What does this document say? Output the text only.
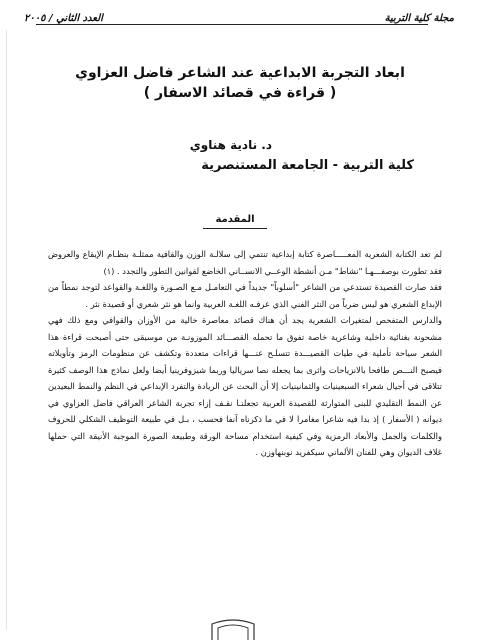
العدد الثاني / ٢٠٠٥	مجلة كلية التربية
ابعاد التجربة الابداعية عند الشاعر فاضل العزاوي
( قراءة في قصائد الاسفار )
د. نادية هناوي
كلية التربية - الجامعة المستنصرية
المقدمة

لم تعد الكتابة الشعرية المعـــــاصرة كتابة إبداعية تنتمي إلى سلالـة الوزن والقافية ممثلـة بنظـام الإيقاع والعروض فقد تطورت بوصفـــهـا "نشاط" مـن أنشطة الوعــي الانســاني الخاضع لقوانين التطور والتجدد . (١)

فقد صارت القصيدة تستدعي من الشاعر "أسلوباً" جديداً في التعامـل مـع الصـورة واللغـة والقواعد لتوجد نمطاً من الإبداع الشعري هو ليس ضرباً من النثر الفني الذي عرفـه اللغـة العربية وانما هو نثر شعري أو قصيدة نثر .

والدارس المتفحص لمتغيرات الشعرية يجد أن هناك قصائد معاصرة خالية من الأوزان والقوافي ومع ذلك فهي مشحونة بغنائية داخلية وشاعرية خاصة تفوق ما تحمله القصـــائد الموزونـة من موسيقى حتى أصبحت قراءة هذا الشعر سياحة تأملية في طيات القصيـــدة تتسلـح عنـــها قراءات متعددة وتكشف عن منظومات الرمز وتأويلاته فيصبح النـــص طافحا بالانزياحات واثرى بما يجعله نصا سرياليا وربما شيزوفرينيا أيضا ولعل نماذج هذا الوصف كثيرة تتلاقى في أجيال شعراء السبعينيات والثمانينيات إلا أن البحث عن الريادة والتفرد الإبداعي في النظم والنمط البعيدين عن النمط التقليدي للبنى المتوارثة للقصيدة العربية تجعلنـا نقـف إزاء تجربة الشاعر العراقي فاضل العزاوي في ديوانه ( الأسفار ) إذ بدا فيه شاعرا مغامرا لا في ما ذكرناه آنفا فحسب ، بـل في طبيعة التوظيف الشكلي للحروف والكلمات والجمل والأبعاد الرمزية وفي كيفية استخدام مساحة الورقة وطبيعة الصورة الموجبة الأنيقة التي حملها غلاف الديوان وهي للفنان الألماني سيكفريد نوبنهاوزن .
